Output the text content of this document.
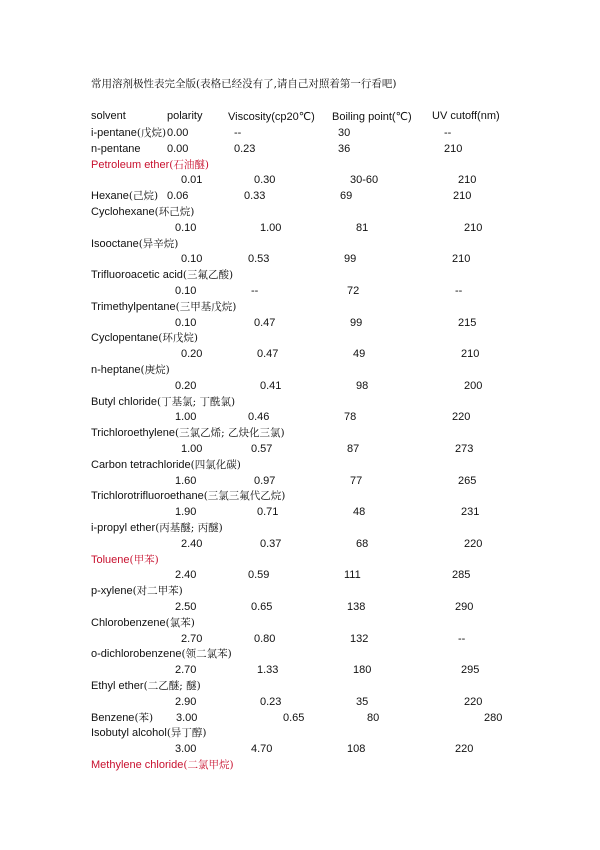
常用溶剂极性表完全版(表格已经没有了,请自己对照着第一行看吧)
solvent	polarity Viscosity(cp20℃) Boiling point(℃) UV cutoff(nm)
i-pentane(戊烷) 0.00	--	30	--
n-pentane 0.00	0.23	36	210
Petroleum ether(石油醚)
0.01	0.30	30-60	210
Hexane(己烷) 0.06	0.33	69	210
Cyclohexane(环己烷)
0.10	1.00	81	210
Isooctane(异辛烷)
0.10	0.53	99	210
Trifluoroacetic acid(三氟乙酸)
0.10	--	72	--
Trimethylpentane(三甲基戊烷)
0.10	0.47	99	215
Cyclopentane(环戊烷)
0.20	0.47	49	210
n-heptane(庚烷)
0.20	0.41	98	200
Butyl chloride(丁基氯; 丁酰氯)
1.00	0.46	78	220
Trichloroethylene(三氯乙烯; 乙炔化三氯)
1.00	0.57	87	273
Carbon tetrachloride(四氯化碳)
1.60	0.97	77	265
Trichlorotrifluoroethane(三氯三氟代乙烷)
1.90	0.71	48	231
i-propyl ether(丙基醚; 丙醚)
2.40	0.37	68	220
Toluene(甲苯)
2.40	0.59	111	285
p-xylene(对二甲苯)
2.50	0.65	138	290
Chlorobenzene(氯苯)
2.70	0.80	132	--
o-dichlorobenzene(领二氯苯)
2.70	1.33	180	295
Ethyl ether(二乙醚; 醚)
2.90	0.23	35	220
Benzene(苯) 3.00	0.65	80	280
Isobutyl alcohol(异丁醇)
3.00	4.70	108	220
Methylene chloride(二氯甲烷)
